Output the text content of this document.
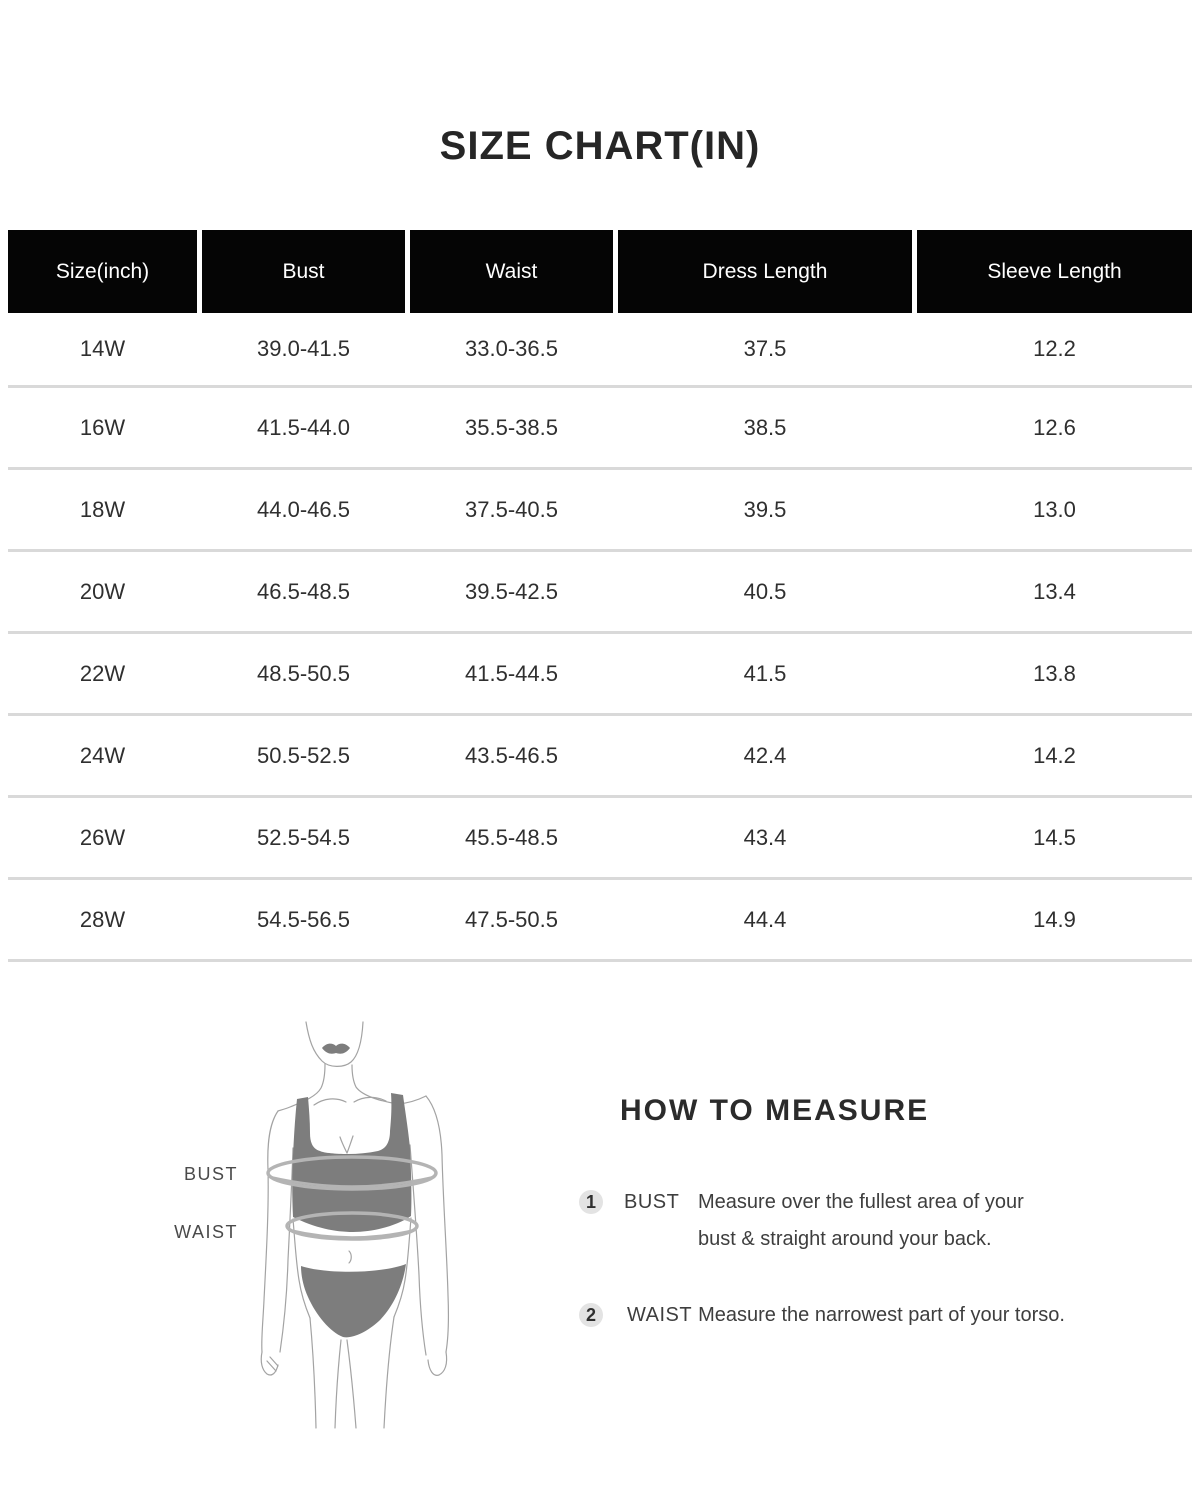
SIZE CHART(IN)
Size(inch)	Bust	Waist	Dress Length	Sleeve Length
14W	39.0-41.5	33.0-36.5	37.5	12.2
16W	41.5-44.0	35.5-38.5	38.5	12.6
18W	44.0-46.5	37.5-40.5	39.5	13.0
20W	46.5-48.5	39.5-42.5	40.5	13.4
22W	48.5-50.5	41.5-44.5	41.5	13.8
24W	50.5-52.5	43.5-46.5	42.4	14.2
26W	52.5-54.5	45.5-48.5	43.4	14.5
28W	54.5-56.5	47.5-50.5	44.4	14.9
BUST
WAIST
HOW TO MEASURE
1	BUST Measure over the fullest area of your
bust & straight around your back.
2	WAIST Measure the narrowest part of your torso.
